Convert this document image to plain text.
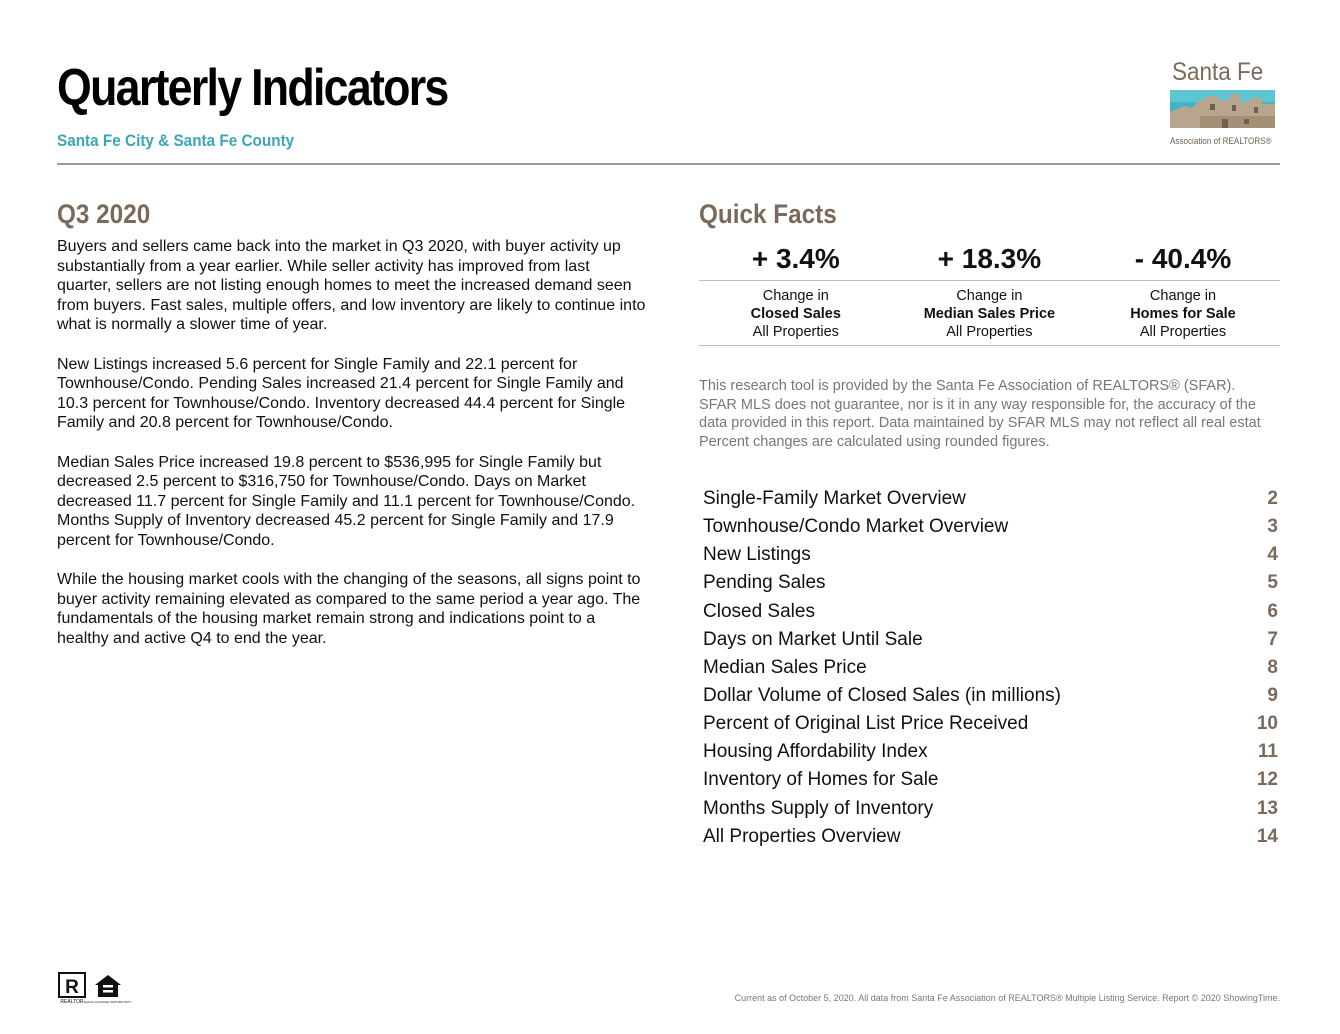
Quarterly Indicators
Santa Fe City & Santa Fe County
Santa Fe
Association of REALTORS®
Q3 2020	Quick Facts

Buyers and sellers came back into the market in Q3 2020, with buyer activity up substantially from a year earlier. While seller activity has improved from last quarter, sellers are not listing enough homes to meet the increased demand seen from buyers. Fast sales, multiple offers, and low inventory are likely to continue into what is normally a slower time of year.

New Listings increased 5.6 percent for Single Family and 22.1 percent for Townhouse/Condo. Pending Sales increased 21.4 percent for Single Family and 10.3 percent for Townhouse/Condo. Inventory decreased 44.4 percent for Single Family and 20.8 percent for Townhouse/Condo.

Median Sales Price increased 19.8 percent to $536,995 for Single Family but decreased 2.5 percent to $316,750 for Townhouse/Condo. Days on Market decreased 11.7 percent for Single Family and 11.1 percent for Townhouse/Condo. Months Supply of Inventory decreased 45.2 percent for Single Family and 17.9 percent for Townhouse/Condo.

While the housing market cools with the changing of the seasons, all signs point to buyer activity remaining elevated as compared to the same period a year ago. The fundamentals of the housing market remain strong and indications point to a healthy and active Q4 to end the year.

+ 3.4%	+ 18.3%	- 40.4%
Change in
Closed Sales
All Properties
Change in
Median Sales Price
All Properties
Change in
Homes for Sale
All Properties
This research tool is provided by the Santa Fe Association of REALTORS® (SFAR). SFAR MLS does not guarantee, nor is it in any way responsible for, the accuracy of the data provided in this report. Data maintained by SFAR MLS may not reflect all real estat Percent changes are calculated using rounded figures.
Single-Family Market Overview	2
Townhouse/Condo Market Overview	3
New Listings	4
Pending Sales	5
Closed Sales	6
Days on Market Until Sale	7
Median Sales Price	8
Dollar Volume of Closed Sales (in millions)	9
Percent of Original List Price Received	10
Housing Affordability Index	11
Inventory of Homes for Sale	12
Months Supply of Inventory	13
All Properties Overview	14
R
REALTOR EQUAL HOUSING OPPORTUNITY	Current as of October 5, 2020. All data from Santa Fe Association of REALTORS® Multiple Listing Service. Report © 2020 ShowingTime.
